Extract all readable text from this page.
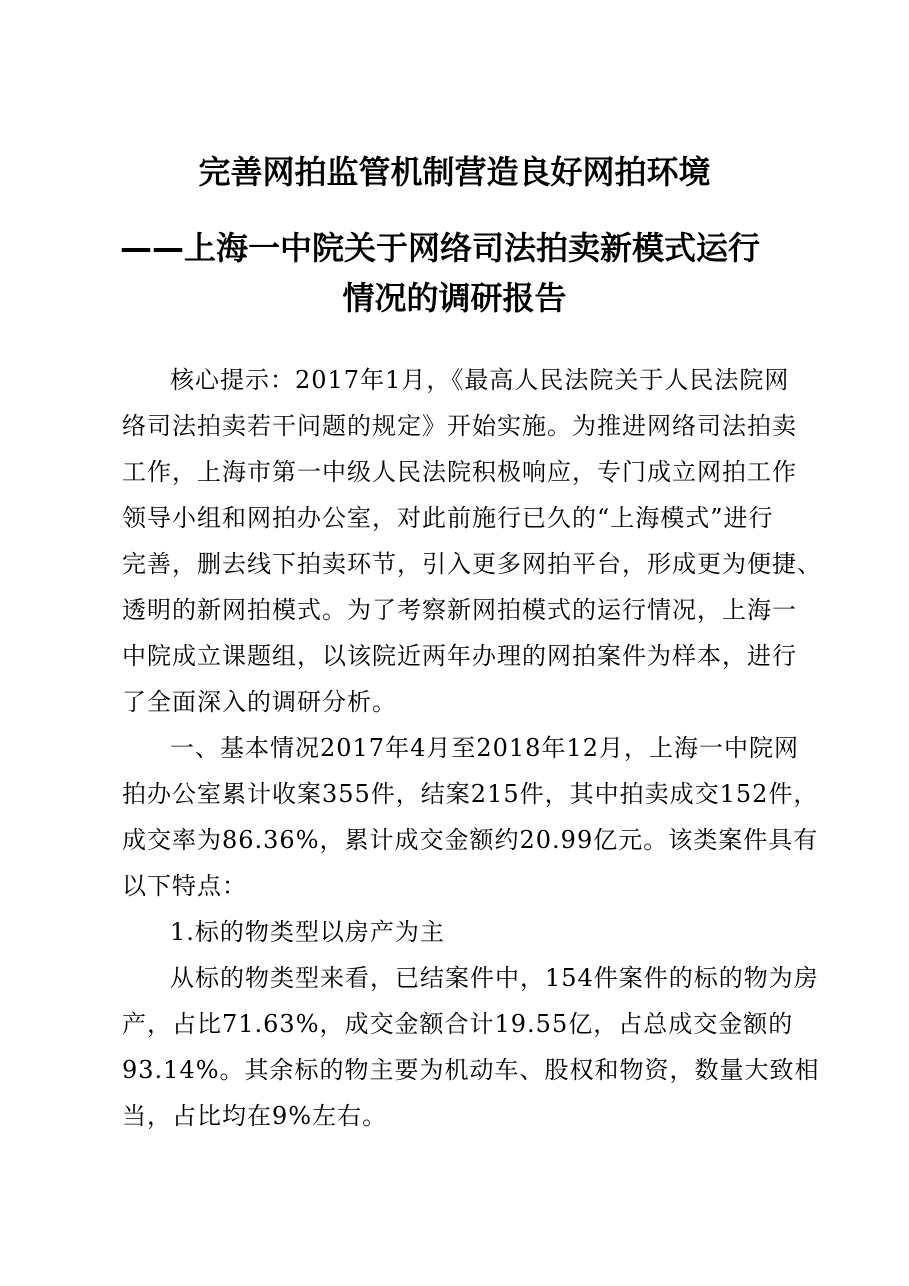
完善网拍监管机制营造良好网拍环境
——上海一中院关于网络司法拍卖新模式运行
情况的调研报告
核心提示：2017年1月，《最高人民法院关于人民法院网
络司法拍卖若干问题的规定》开始实施。为推进网络司法拍卖
工作，上海市第一中级人民法院积极响应，专门成立网拍工作
领导小组和网拍办公室，对此前施行已久的“上海模式”进行
完善，删去线下拍卖环节，引入更多网拍平台，形成更为便捷、
透明的新网拍模式。为了考察新网拍模式的运行情况，上海一
中院成立课题组，以该院近两年办理的网拍案件为样本，进行
了全面深入的调研分析。
一、基本情况2017年4月至2018年12月，上海一中院网
拍办公室累计收案355件，结案215件，其中拍卖成交152件，
成交率为86.36%，累计成交金额约20.99亿元。该类案件具有
以下特点：
1.标的物类型以房产为主
从标的物类型来看，已结案件中，154件案件的标的物为房
产，占比71.63%，成交金额合计19.55亿，占总成交金额的
93.14%。其余标的物主要为机动车、股权和物资，数量大致相
当，占比均在9%左右。
